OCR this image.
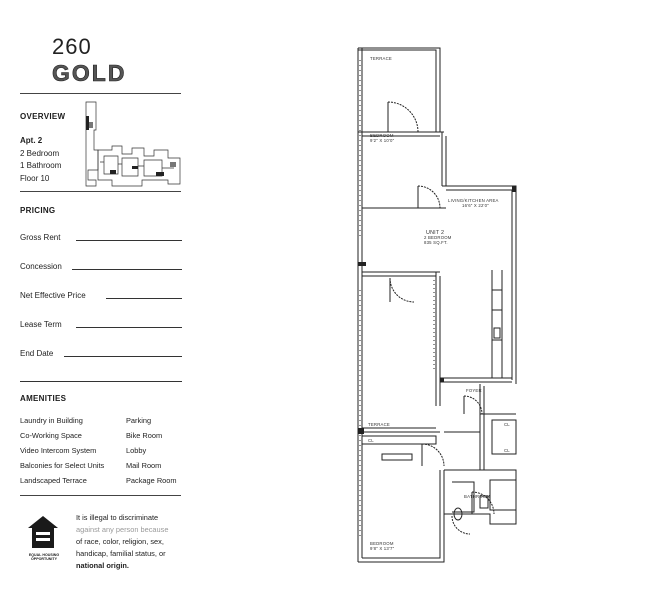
260
GOLD
OVERVIEW
Apt. 2
2 Bedroom
1 Bathroom
Floor 10
PRICING
Gross Rent
Concession
Net Effective Price
Lease Term
End Date
AMENITIES
Laundry in Building
Co-Working Space
Video Intercom System
Balconies for Select Units
Landscaped Terrace
Parking
Bike Room
Lobby
Mail Room
Package Room
EQUAL HOUSING
OPPORTUNITY
It is illegal to discriminate
against any person because
of race, color, religion, sex,
handicap, familial status, or
national origin.
TERRACE
BEDROOM
9'2" X 10'0"
LIVING/KITCHEN AREA
16'6" X 22'0"
UNIT 2
2 BEDROOM
835 SQ.FT.
FOYER
TERRACE
CL
CL
CL
BATHROOM
BEDROOM
9'8" X 13'7"
